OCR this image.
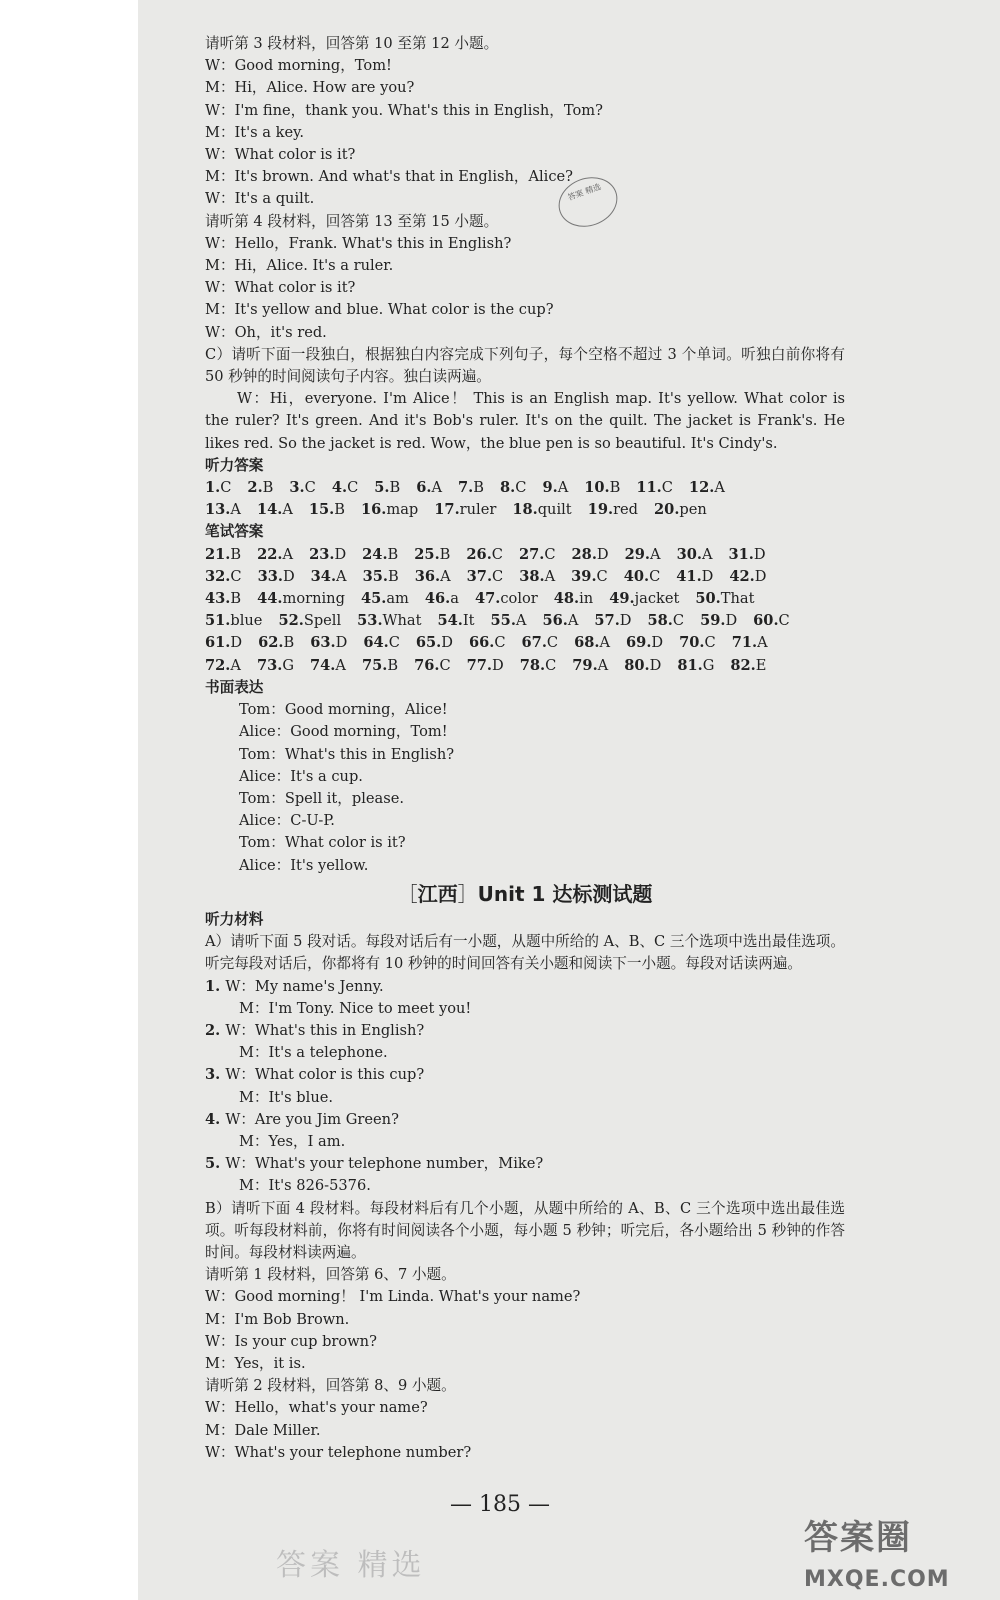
答案 精选

请听第 3 段材料，回答第 10 至第 12 小题。

W：Good morning，Tom!

M：Hi，Alice. How are you?

W：I'm fine，thank you. What's this in English，Tom?

M：It's a key.

W：What color is it?

M：It's brown. And what's that in English，Alice?

W：It's a quilt.

请听第 4 段材料，回答第 13 至第 15 小题。

W：Hello，Frank. What's this in English?

M：Hi，Alice. It's a ruler.

W：What color is it?

M：It's yellow and blue. What color is the cup?

W：Oh，it's red.

C）请听下面一段独白，根据独白内容完成下列句子，每个空格不超过 3 个单词。听独白前你将有 50 秒钟的时间阅读句子内容。独白读两遍。

W：Hi，everyone. I'm Alice！ This is an English map. It's yellow. What color is the ruler? It's green. And it's Bob's ruler. It's on the quilt. The jacket is Frank's. He likes red. So the jacket is red. Wow，the blue pen is so beautiful. It's Cindy's.

听力答案

1.C 2.B 3.C 4.C 5.B 6.A 7.B 8.C 9.A 10.B 11.C 12.A
13.A 14.A 15.B 16.map 17.ruler 18.quilt 19.red 20.pen

笔试答案

21.B 22.A 23.D 24.B 25.B 26.C 27.C 28.D 29.A 30.A 31.D
32.C 33.D 34.A 35.B 36.A 37.C 38.A 39.C 40.C 41.D 42.D
43.B 44.morning 45.am 46.a 47.color 48.in 49.jacket 50.That
51.blue 52.Spell 53.What 54.It 55.A 56.A 57.D 58.C 59.D 60.C
61.D 62.B 63.D 64.C 65.D 66.C 67.C 68.A 69.D 70.C 71.A
72.A 73.G 74.A 75.B 76.C 77.D 78.C 79.A 80.D 81.G 82.E

书面表达

Tom：Good morning，Alice!

Alice：Good morning，Tom!

Tom：What's this in English?

Alice：It's a cup.

Tom：Spell it，please.

Alice：C-U-P.

Tom：What color is it?

Alice：It's yellow.

［江西］Unit 1 达标测试题

听力材料

A）请听下面 5 段对话。每段对话后有一小题，从题中所给的 A、B、C 三个选项中选出最佳选项。听完每段对话后，你都将有 10 秒钟的时间回答有关小题和阅读下一小题。每段对话读两遍。

1. W：My name's Jenny.

M：I'm Tony. Nice to meet you!

2. W：What's this in English?

M：It's a telephone.

3. W：What color is this cup?

M：It's blue.

4. W：Are you Jim Green?

M：Yes，I am.

5. W：What's your telephone number，Mike?

M：It's 826-5376.

B）请听下面 4 段材料。每段材料后有几个小题，从题中所给的 A、B、C 三个选项中选出最佳选项。听每段材料前，你将有时间阅读各个小题，每小题 5 秒钟；听完后，各小题给出 5 秒钟的作答时间。每段材料读两遍。

请听第 1 段材料，回答第 6、7 小题。

W：Good morning！ I'm Linda. What's your name?

M：I'm Bob Brown.

W：Is your cup brown?

M：Yes，it is.

请听第 2 段材料，回答第 8、9 小题。

W：Hello，what's your name?

M：Dale Miller.

W：What's your telephone number?

— 185 —
答案 精选
答案圈
MXQE.COM
